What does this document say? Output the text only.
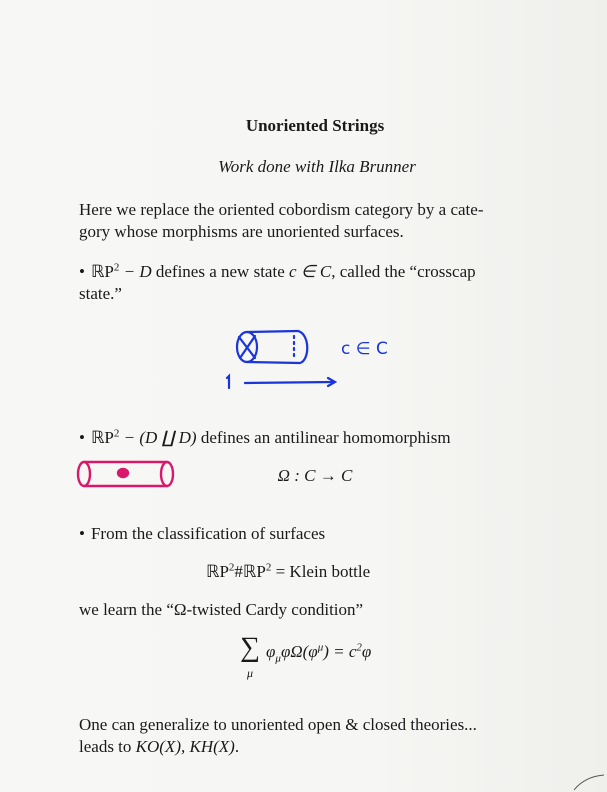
Unoriented Strings
Work done with Ilka Brunner
Here we replace the oriented cobordism category by a cate-
gory whose morphisms are unoriented surfaces.
• ℝP$^2$ − D defines a new state c ∈ C, called the “crosscap
state.”
c ∈ C
• ℝP$^2$ − (D ∐ D) defines an antilinear homomorphism
Ω : C → C
• From the classification of surfaces
ℝP$^2$#ℝP$^2$ = Klein bottle
we learn the “Ω-twisted Cardy condition”
∑
μ
$\varphi_\mu\varphi\Omega(\varphi^\mu) = c^2\varphi$
One can generalize to unoriented open & closed theories...
leads to KO(X), KH(X).
